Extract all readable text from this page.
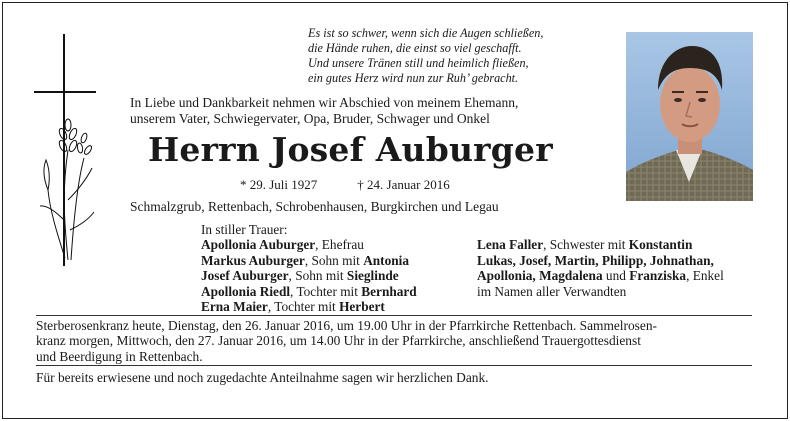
Es ist so schwer, wenn sich die Augen schließen,
die Hände ruhen, die einst so viel geschafft.
Und unsere Tränen still und heimlich fließen,
ein gutes Herz wird nun zur Ruh’ gebracht.
In Liebe und Dankbarkeit nehmen wir Abschied von meinem Ehemann,
unserem Vater, Schwiegervater, Opa, Bruder, Schwager und Onkel
Herrn Josef Auburger
* 29. Juli 1927	† 24. Januar 2016
Schmalzgrub, Rettenbach, Schrobenhausen, Burgkirchen und Legau
In stiller Trauer:
Apollonia Auburger, Ehefrau
Markus Auburger, Sohn mit Antonia
Josef Auburger, Sohn mit Sieglinde
Apollonia Riedl, Tochter mit Bernhard
Erna Maier, Tochter mit Herbert
Lena Faller, Schwester mit Konstantin
Lukas, Josef, Martin, Philipp, Johnathan,
Apollonia, Magdalena und Franziska, Enkel
im Namen aller Verwandten
Sterberosenkranz heute, Dienstag, den 26. Januar 2016, um 19.00 Uhr in der Pfarrkirche Rettenbach. Sammelrosen-
kranz morgen, Mittwoch, den 27. Januar 2016, um 14.00 Uhr in der Pfarrkirche, anschließend Trauergottesdienst
und Beerdigung in Rettenbach.
Für bereits erwiesene und noch zugedachte Anteilnahme sagen wir herzlichen Dank.
